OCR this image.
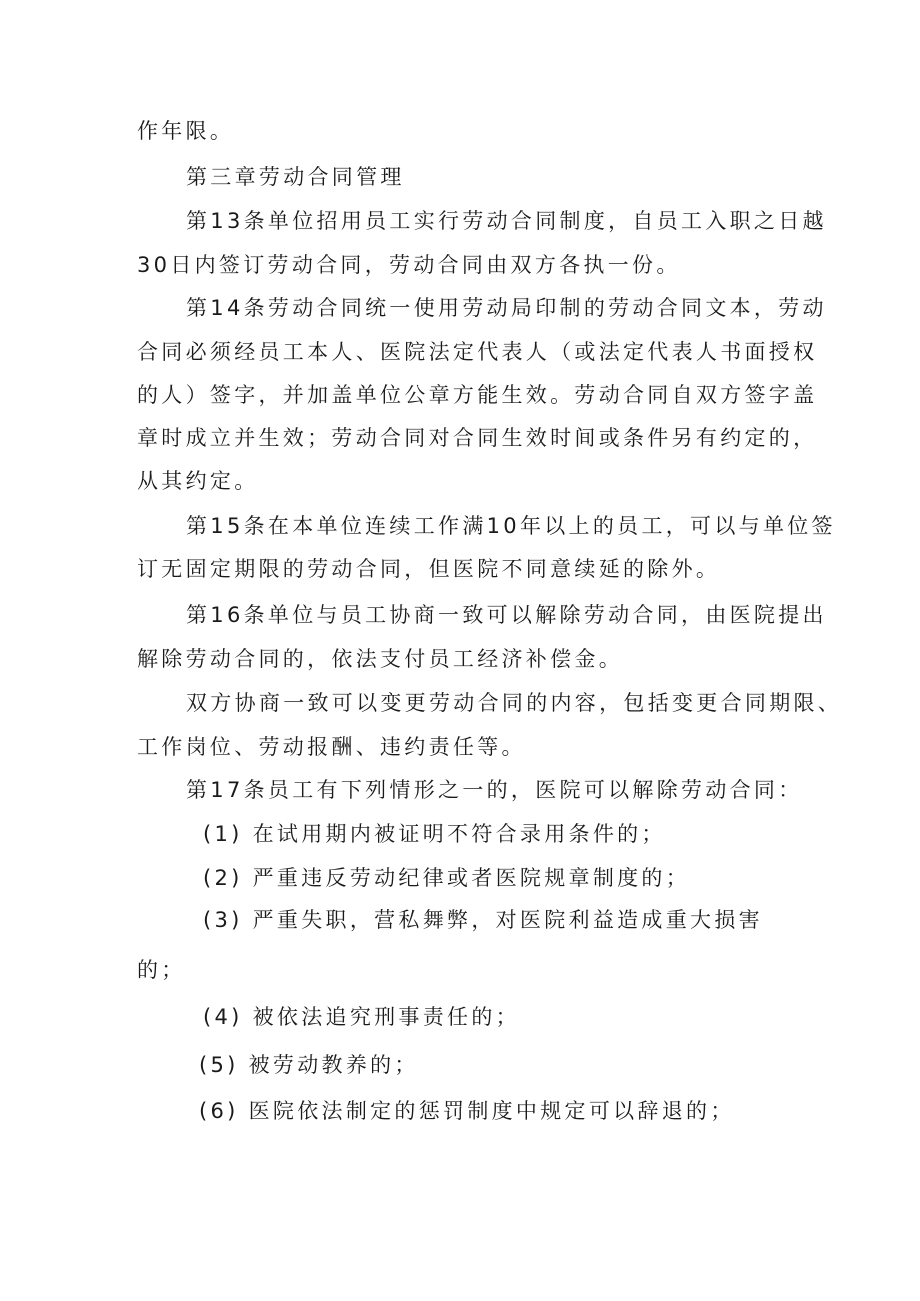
作年限。
第三章劳动合同管理
第13条单位招用员工实行劳动合同制度，自员工入职之日越
30日内签订劳动合同，劳动合同由双方各执一份。
第14条劳动合同统一使用劳动局印制的劳动合同文本，劳动
合同必须经员工本人、医院法定代表人（或法定代表人书面授权
的人）签字，并加盖单位公章方能生效。劳动合同自双方签字盖
章时成立并生效；劳动合同对合同生效时间或条件另有约定的，
从其约定。
第15条在本单位连续工作满10年以上的员工，可以与单位签
订无固定期限的劳动合同，但医院不同意续延的除外。
第16条单位与员工协商一致可以解除劳动合同，由医院提出
解除劳动合同的，依法支付员工经济补偿金。
双方协商一致可以变更劳动合同的内容，包括变更合同期限、
工作岗位、劳动报酬、违约责任等。
第17条员工有下列情形之一的，医院可以解除劳动合同：
(1) 在试用期内被证明不符合录用条件的；
(2) 严重违反劳动纪律或者医院规章制度的；
(3) 严重失职，营私舞弊，对医院利益造成重大损害
的；
(4) 被依法追究刑事责任的；
(5) 被劳动教养的；
(6) 医院依法制定的惩罚制度中规定可以辞退的；
